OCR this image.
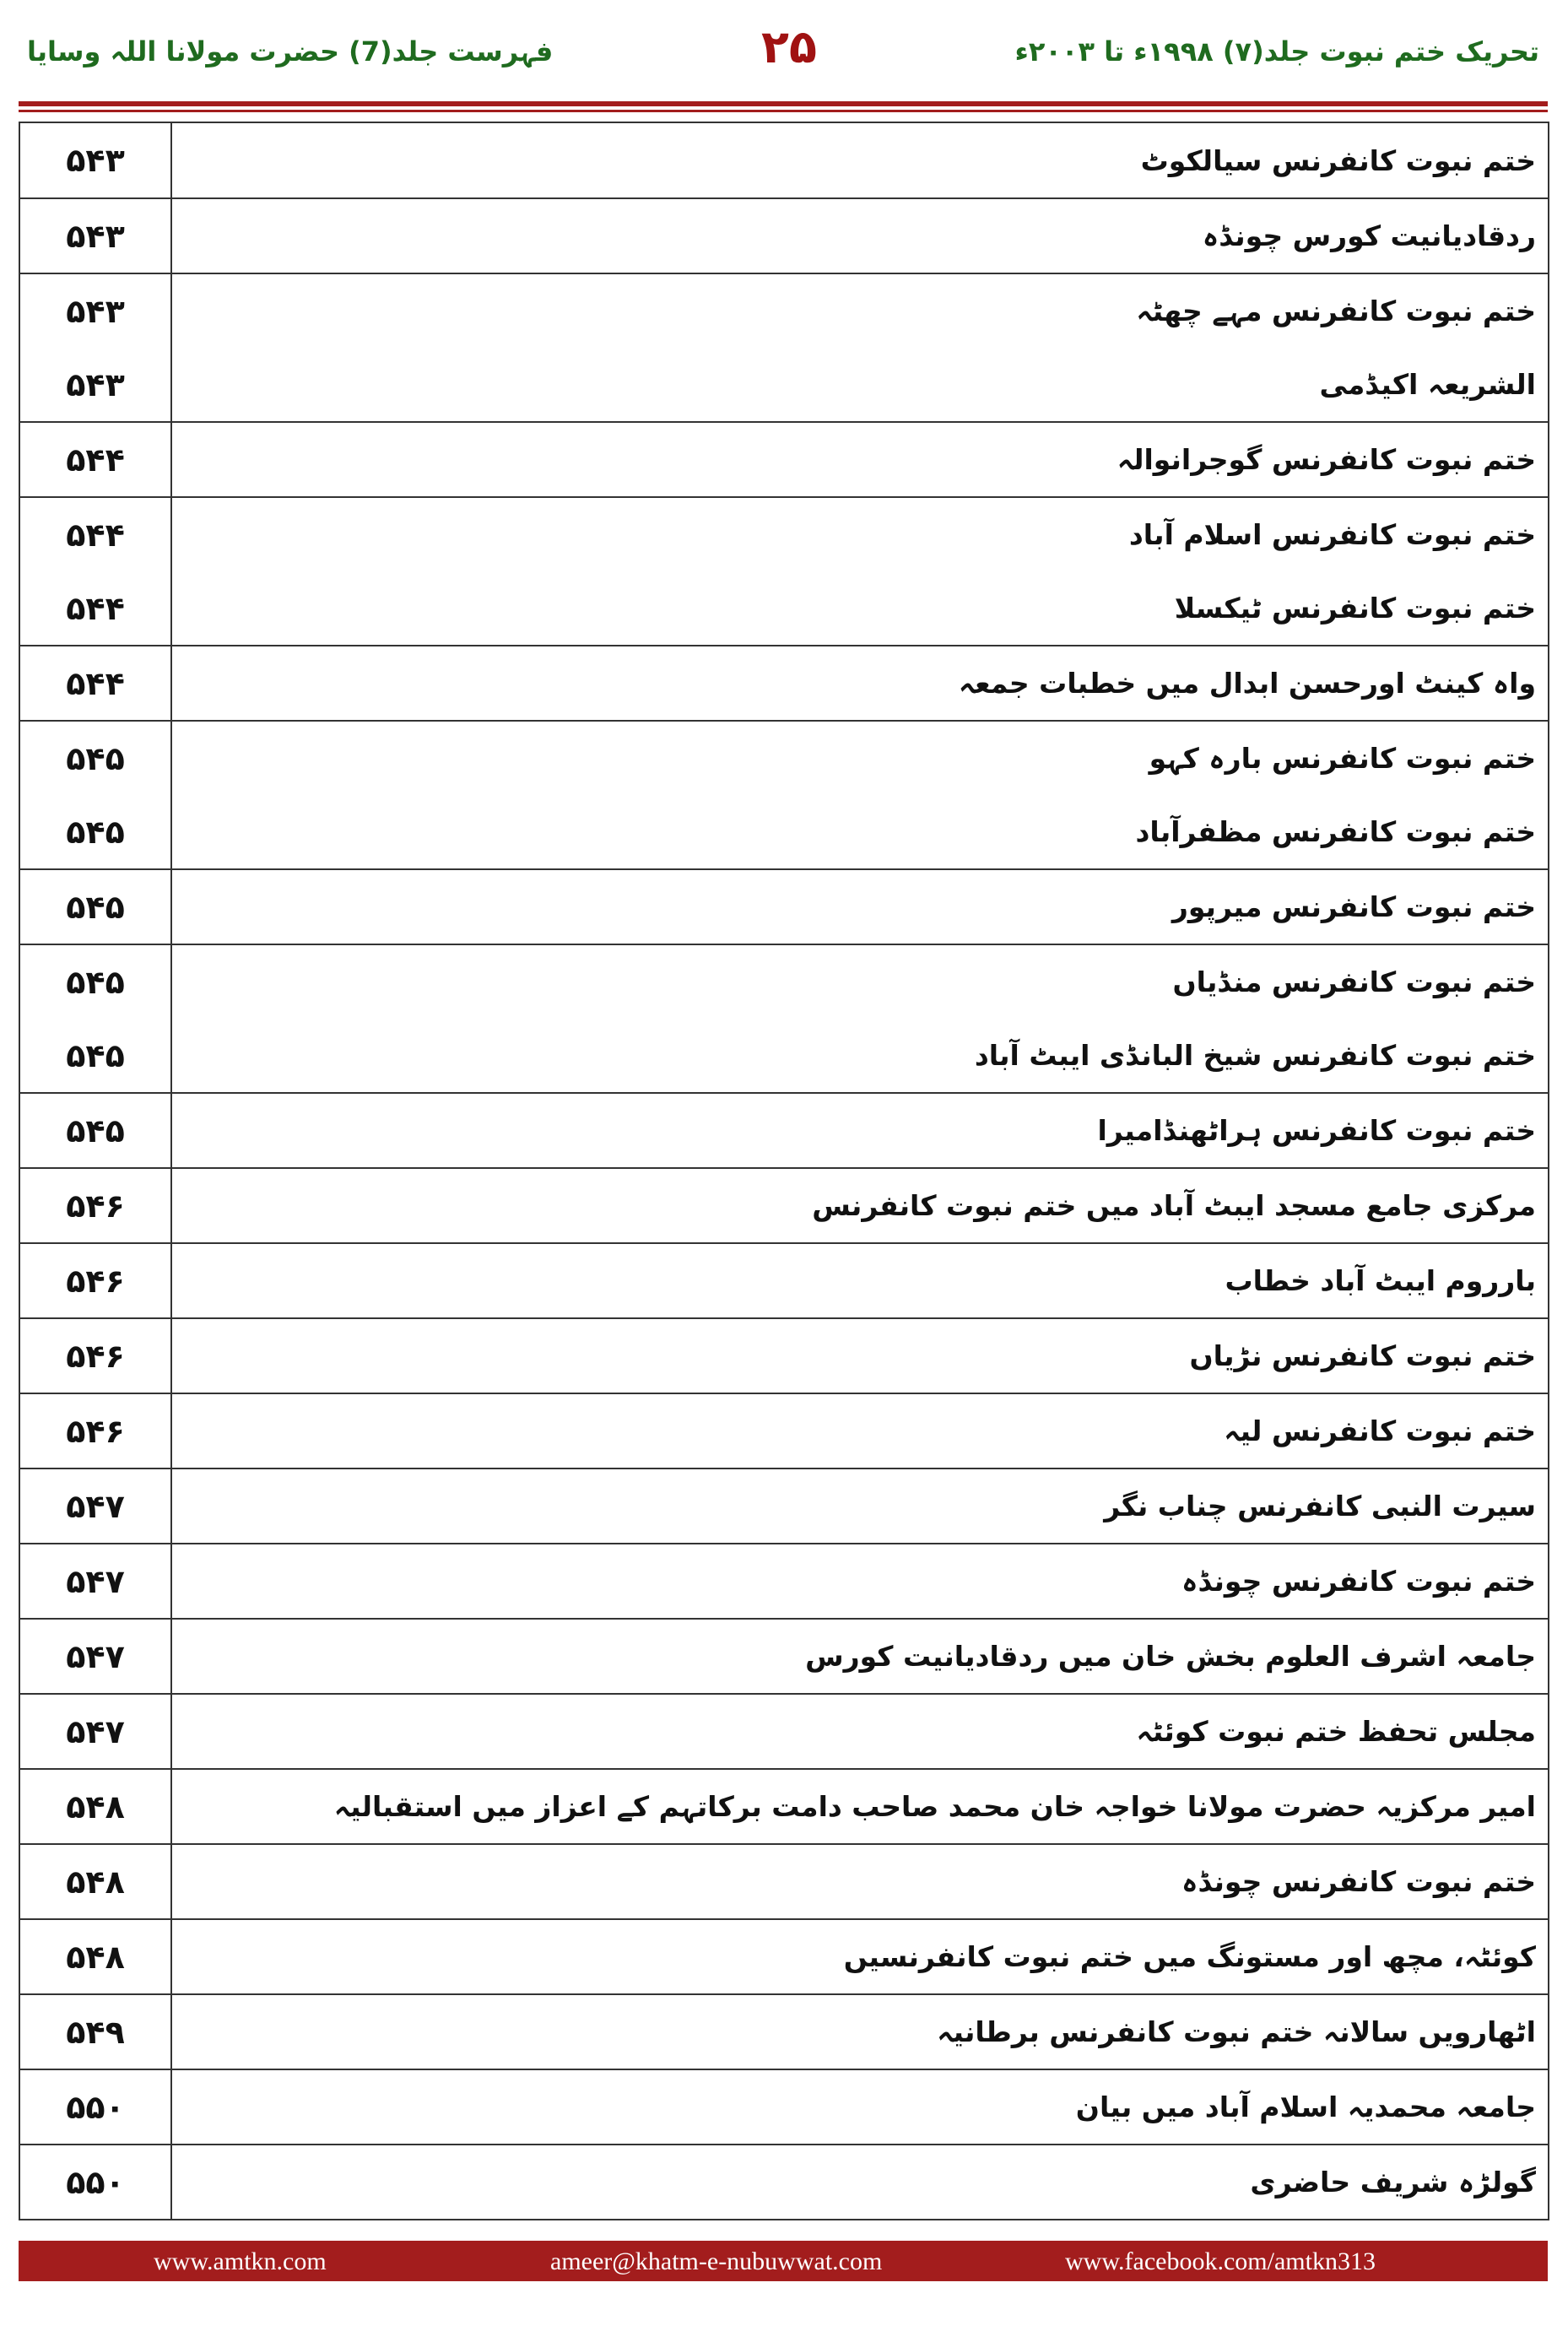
فہرست جلد(7) حضرت مولانا اللہ وسایا	۲۵	تحریک ختم نبوت جلد(۷) ۱۹۹۸ء تا ۲۰۰۳ء
۵۴۳	ختم نبوت کانفرنس سیالکوٹ
۵۴۳	ردقادیانیت کورس چونڈہ
۵۴۳	ختم نبوت کانفرنس مہے چھٹہ
۵۴۳	الشریعہ اکیڈمی
۵۴۴	ختم نبوت کانفرنس گوجرانوالہ
۵۴۴	ختم نبوت کانفرنس اسلام آباد
۵۴۴	ختم نبوت کانفرنس ٹیکسلا
۵۴۴	واہ کینٹ اورحسن ابدال میں خطبات جمعہ
۵۴۵	ختم نبوت کانفرنس بارہ کہو
۵۴۵	ختم نبوت کانفرنس مظفرآباد
۵۴۵	ختم نبوت کانفرنس میرپور
۵۴۵	ختم نبوت کانفرنس منڈیاں
۵۴۵	ختم نبوت کانفرنس شیخ البانڈی ایبٹ آباد
۵۴۵	ختم نبوت کانفرنس ہراٹھنڈامیرا
۵۴۶	مرکزی جامع مسجد ایبٹ آباد میں ختم نبوت کانفرنس
۵۴۶	بارروم ایبٹ آباد خطاب
۵۴۶	ختم نبوت کانفرنس نڑیاں
۵۴۶	ختم نبوت کانفرنس لیہ
۵۴۷	سیرت النبی کانفرنس چناب نگر
۵۴۷	ختم نبوت کانفرنس چونڈہ
۵۴۷	جامعہ اشرف العلوم بخش خان میں ردقادیانیت کورس
۵۴۷	مجلس تحفظ ختم نبوت کوئٹہ
۵۴۸	امیر مرکزیہ حضرت مولانا خواجہ خان محمد صاحب دامت برکاتہم کے اعزاز میں استقبالیہ
۵۴۸	ختم نبوت کانفرنس چونڈہ
۵۴۸	کوئٹہ، مچھ اور مستونگ میں ختم نبوت کانفرنسیں
۵۴۹	اٹھارویں سالانہ ختم نبوت کانفرنس برطانیہ
۵۵۰	جامعہ محمدیہ اسلام آباد میں بیان
۵۵۰	گولڑہ شریف حاضری
www.amtkn.com	ameer@khatm-e-nubuwwat.com	www.facebook.com/amtkn313
